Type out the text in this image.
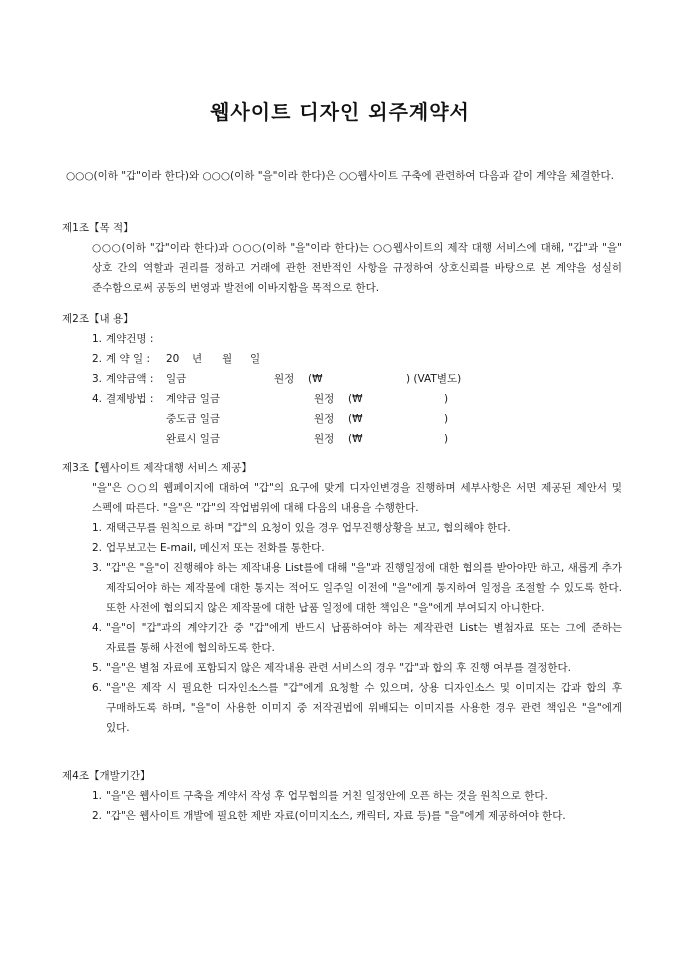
웹사이트 디자인 외주계약서
○○○(이하 "갑"이라 한다)와 ○○○(이하 "을"이라 한다)은 ○○웹사이트 구축에 관련하여 다음과 같이 계약을 체결한다.
제1조【목 적】
○○○(이하 "갑"이라 한다)과 ○○○(이하 "을"이라 한다)는 ○○웹사이트의 제작 대행 서비스에 대해, "갑"과 "을" 상호 간의 역할과 권리를 정하고 거래에 관한 전반적인 사항을 규정하여 상호신뢰를 바탕으로 본 계약을 성실히 준수함으로써 공동의 번영과 발전에 이바지함을 목적으로 한다.
제2조【내 용】
1. 계약건명 :
2. 계 약 일 : 20 년 월 일
3. 계약금액 : 일금	원정 (₩	) (VAT별도)
4. 결제방법 : 계약금 일금	원정 (₩	)
중도금 일금	원정 (₩	)
완료시 일금	원정 (₩	)
제3조【웹사이트 제작대행 서비스 제공】
"을"은 ○○의 웹페이지에 대하여 "갑"의 요구에 맞게 디자인변경을 진행하며 세부사항은 서면 제공된 제안서 및 스펙에 따른다. "을"은 "갑"의 작업범위에 대해 다음의 내용을 수행한다.
1. 재택근무를 원칙으로 하며 "갑"의 요청이 있을 경우 업무진행상황을 보고, 협의해야 한다.
2. 업무보고는 E-mail, 메신저 또는 전화를 통한다.
3. "갑"은 "을"이 진행해야 하는 제작내용 List를에 대해 "을"과 진행일정에 대한 협의를 받아야만 하고, 새롭게 추가 제작되어야 하는 제작물에 대한 통지는 적어도 일주일 이전에 "을"에게 통지하여 일정을 조절할 수 있도록 한다. 또한 사전에 협의되지 않은 제작물에 대한 납품 일정에 대한 책임은 "을"에게 부여되지 아니한다.
4. "을"이 "갑"과의 계약기간 중 "갑"에게 반드시 납품하여야 하는 제작관련 List는 별첨자료 또는 그에 준하는 자료를 통해 사전에 협의하도록 한다.
5. "을"은 별첨 자료에 포함되지 않은 제작내용 관련 서비스의 경우 "갑"과 합의 후 진행 여부를 결정한다.
6. "을"은 제작 시 필요한 디자인소스를 "갑"에게 요청할 수 있으며, 상용 디자인소스 및 이미지는 갑과 합의 후 구매하도록 하며, "을"이 사용한 이미지 중 저작권법에 위배되는 이미지를 사용한 경우 관련 책임은 "을"에게 있다.
제4조【개발기간】
1. "을"은 웹사이트 구축을 계약서 작성 후 업무협의를 거친 일정안에 오픈 하는 것을 원칙으로 한다.
2. "갑"은 웹사이트 개발에 필요한 제반 자료(이미지소스, 캐릭터, 자료 등)를 "을"에게 제공하여야 한다.
